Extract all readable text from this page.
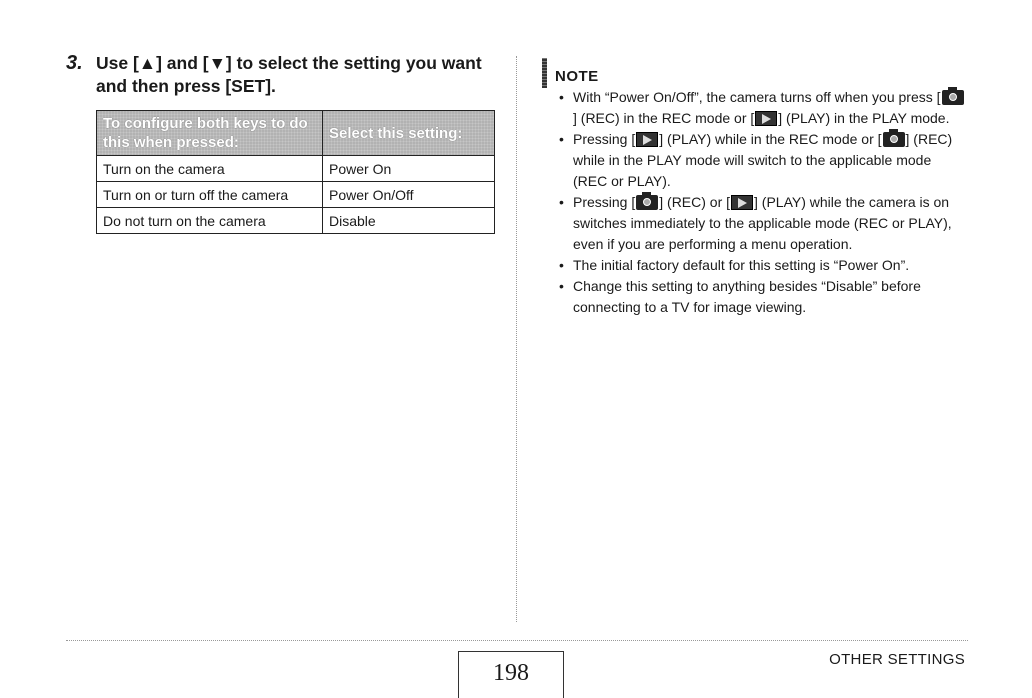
3. Use [▲] and [▼] to select the setting you want and then press [SET].
To configure both keys to do this when pressed:	Select this setting:
Turn on the camera	Power On
Turn on or turn off the camera	Power On/Off
Do not turn on the camera	Disable
NOTE
• With “Power On/Off”, the camera turns off when you press [] (REC) in the REC mode or [ ] (PLAY) in the PLAY mode.
• Pressing [ ] (PLAY) while in the REC mode or [ ] (REC) while in the PLAY mode will switch to the applicable mode (REC or PLAY).
• Pressing [ ] (REC) or [ ] (PLAY) while the camera is on switches immediately to the applicable mode (REC or PLAY), even if you are performing a menu operation.
• The initial factory default for this setting is “Power On”.
• Change this setting to anything besides “Disable” before connecting to a TV for image viewing.
198
OTHER SETTINGS
